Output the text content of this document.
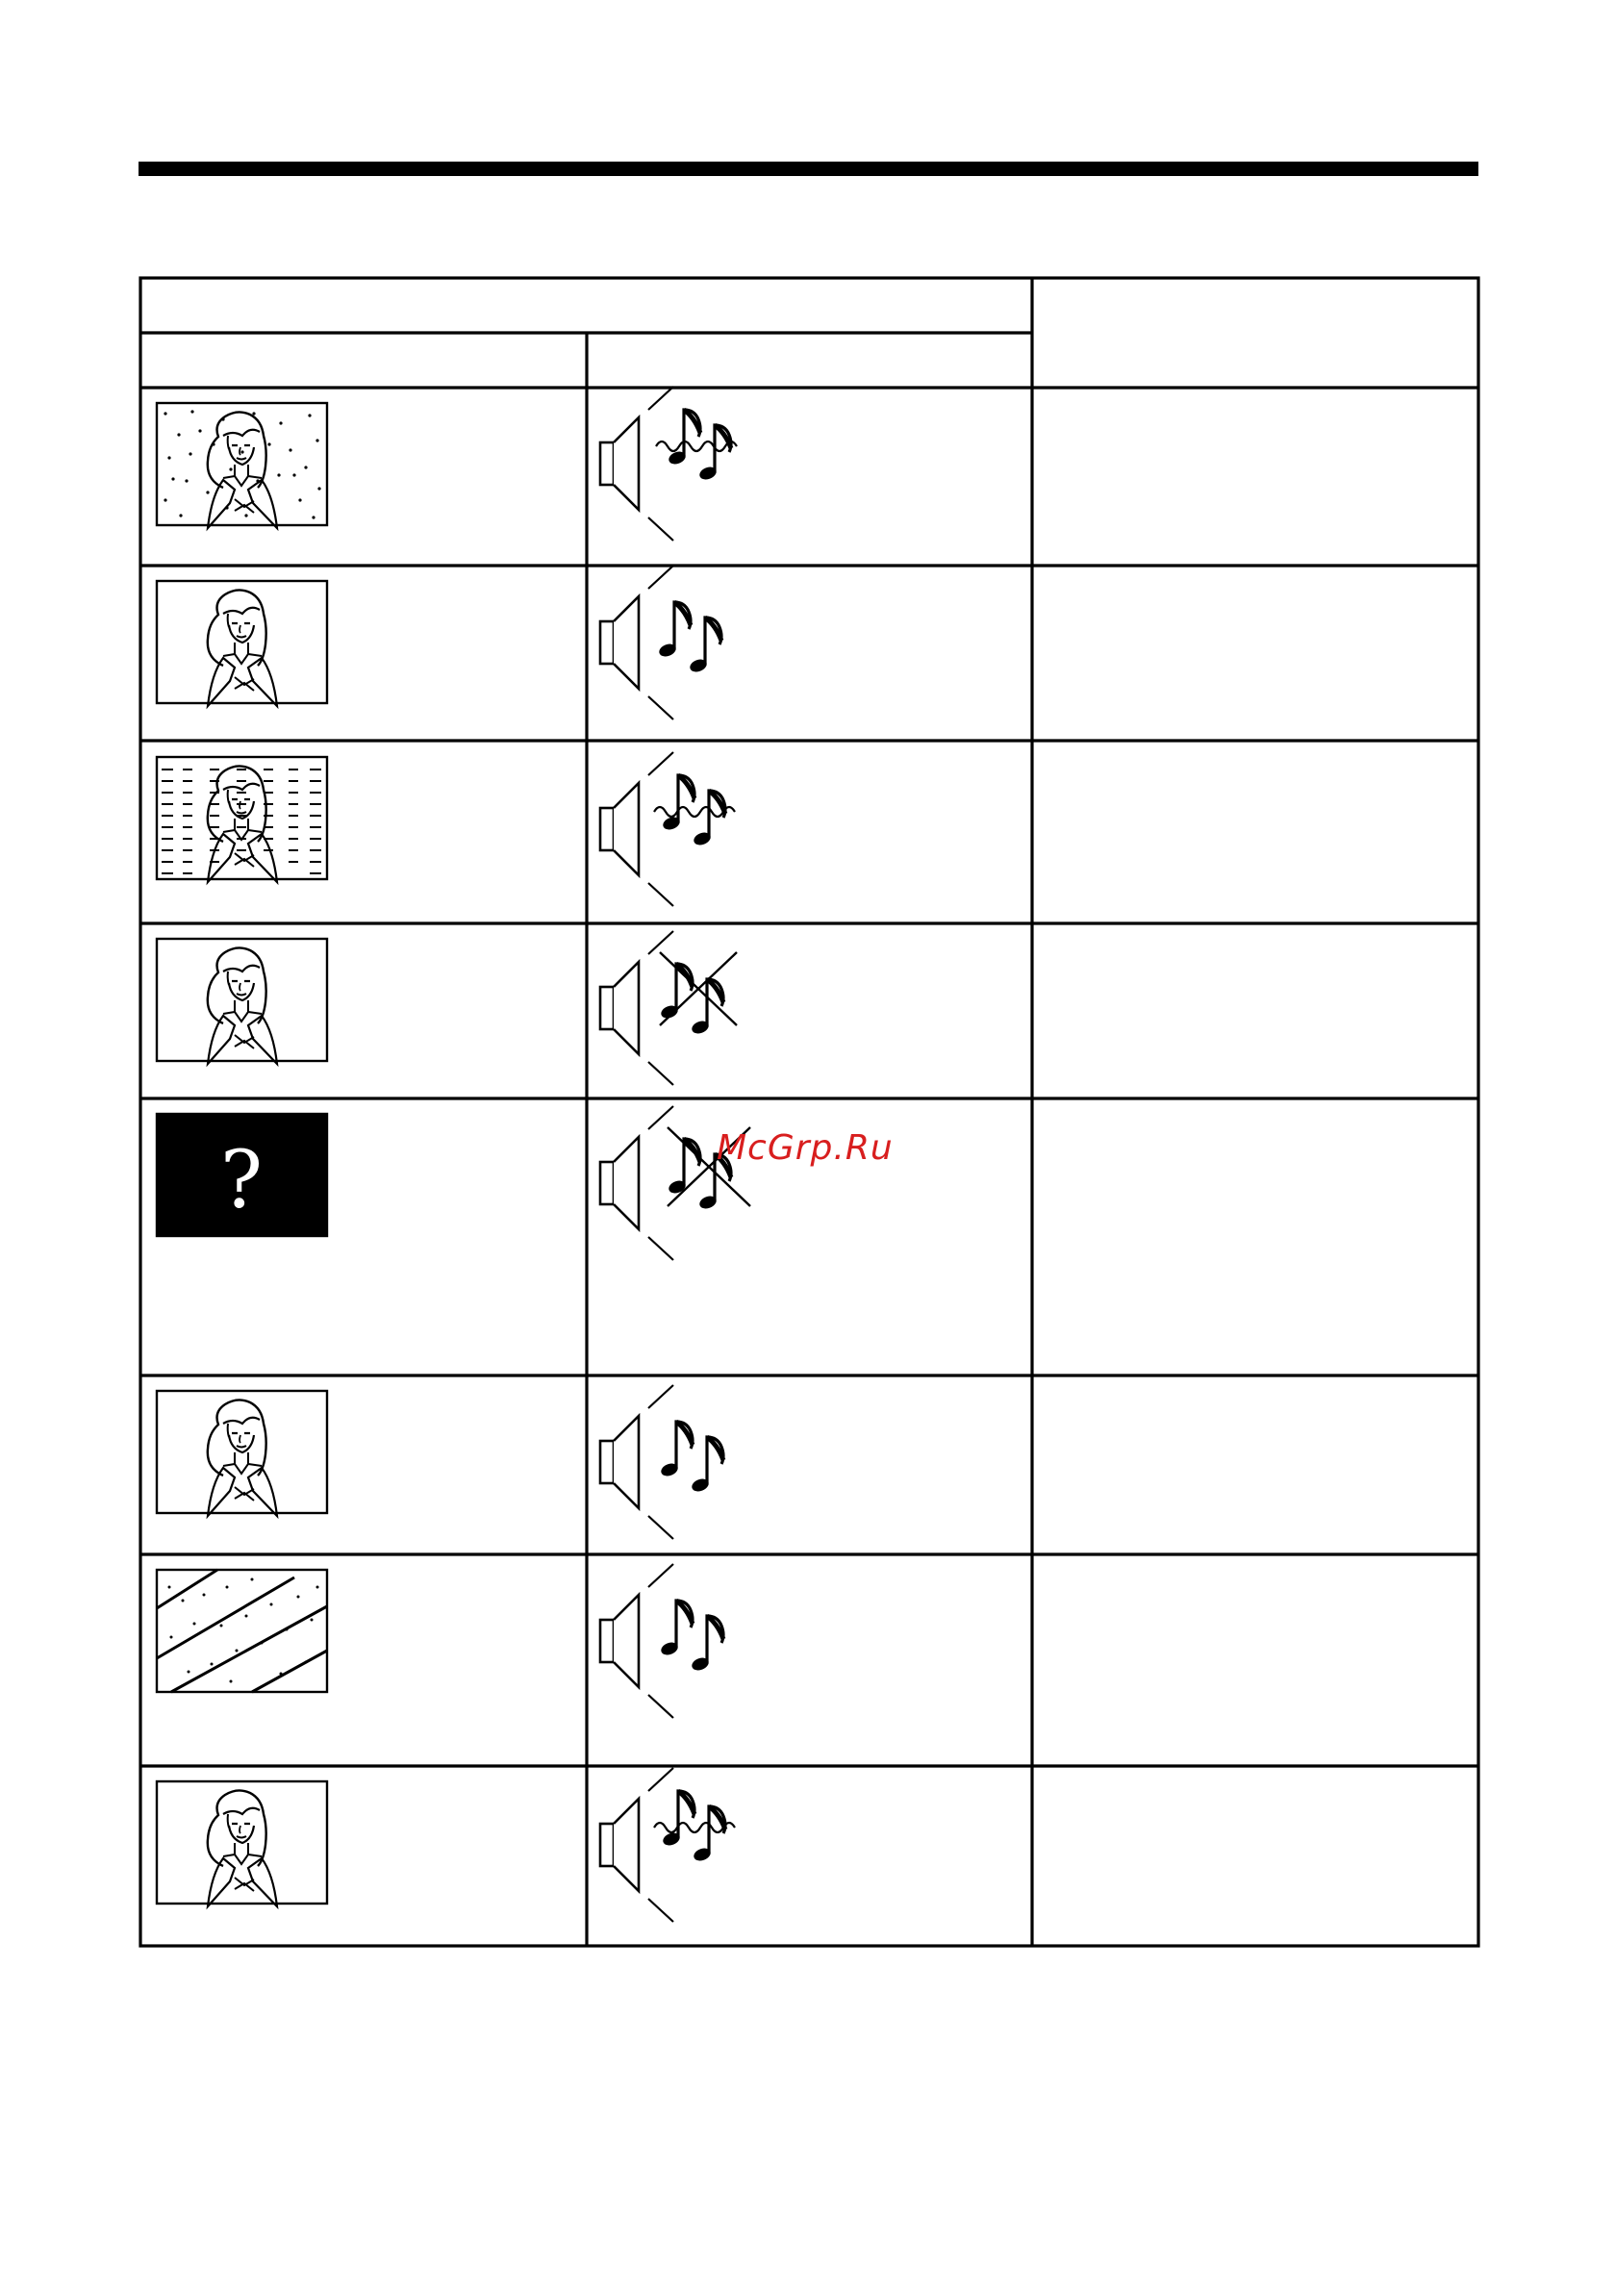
?	McGrp.Ru
